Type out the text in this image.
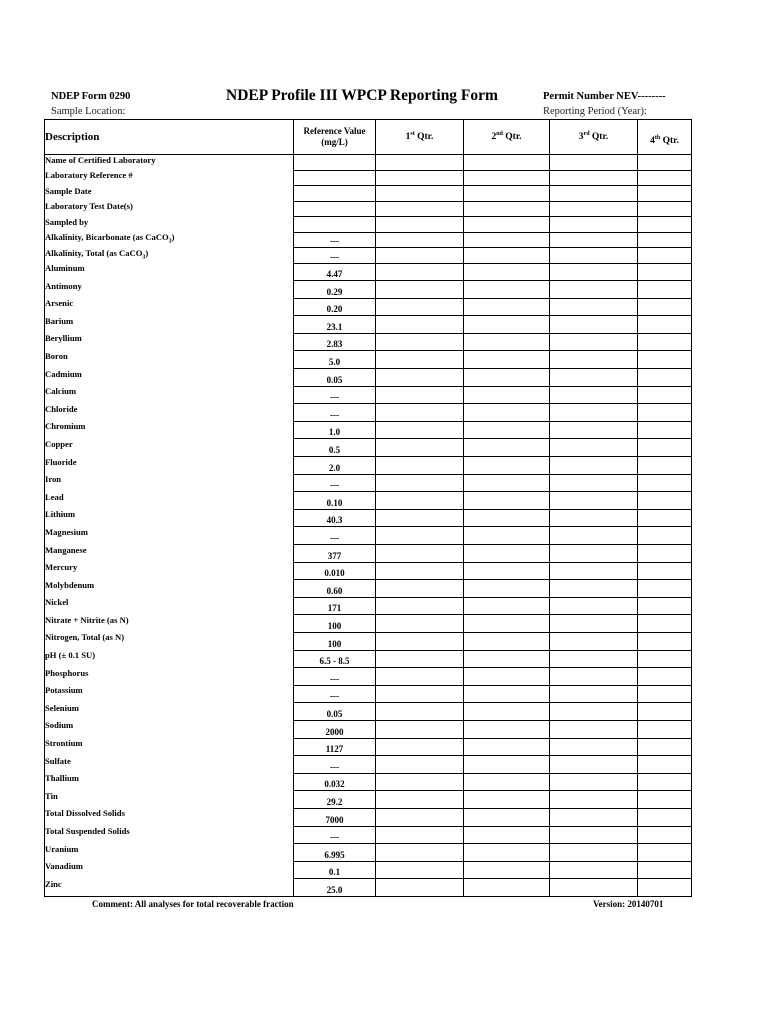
NDEP Form 0290
Sample Location:
NDEP Profile III WPCP Reporting Form	Permit Number NEV--------
Reporting Period (Year):
Description	Reference Value (mg/L)	1st Qtr.	2nd Qtr.	3rd Qtr.	4th Qtr.
Name of Certified Laboratory					
Laboratory Reference #					
Sample Date					
Laboratory Test Date(s)					
Sampled by					
Alkalinity, Bicarbonate (as CaCO$_3$)	---				
Alkalinity, Total (as CaCO$_3$)	---				
Aluminum	4.47				
Antimony	0.29				
Arsenic	0.20				
Barium	23.1				
Beryllium	2.83				
Boron	5.0				
Cadmium	0.05				
Calcium	---				
Chloride	---				
Chromium	1.0				
Copper	0.5				
Fluoride	2.0				
Iron	---				
Lead	0.10				
Lithium	40.3				
Magnesium	---				
Manganese	377				
Mercury	0.010				
Molybdenum	0.60				
Nickel	171				
Nitrate + Nitrite (as N)	100				
Nitrogen, Total (as N)	100				
pH (± 0.1 SU)	6.5 - 8.5				
Phosphorus	---				
Potassium	---				
Selenium	0.05				
Sodium	2000				
Strontium	1127				
Sulfate	---				
Thallium	0.032				
Tin	29.2				
Total Dissolved Solids	7000				
Total Suspended Solids	---				
Uranium	6.995				
Vanadium	0.1				
Zinc	25.0				
Comment: All analyses for total recoverable fraction	Version: 20140701
